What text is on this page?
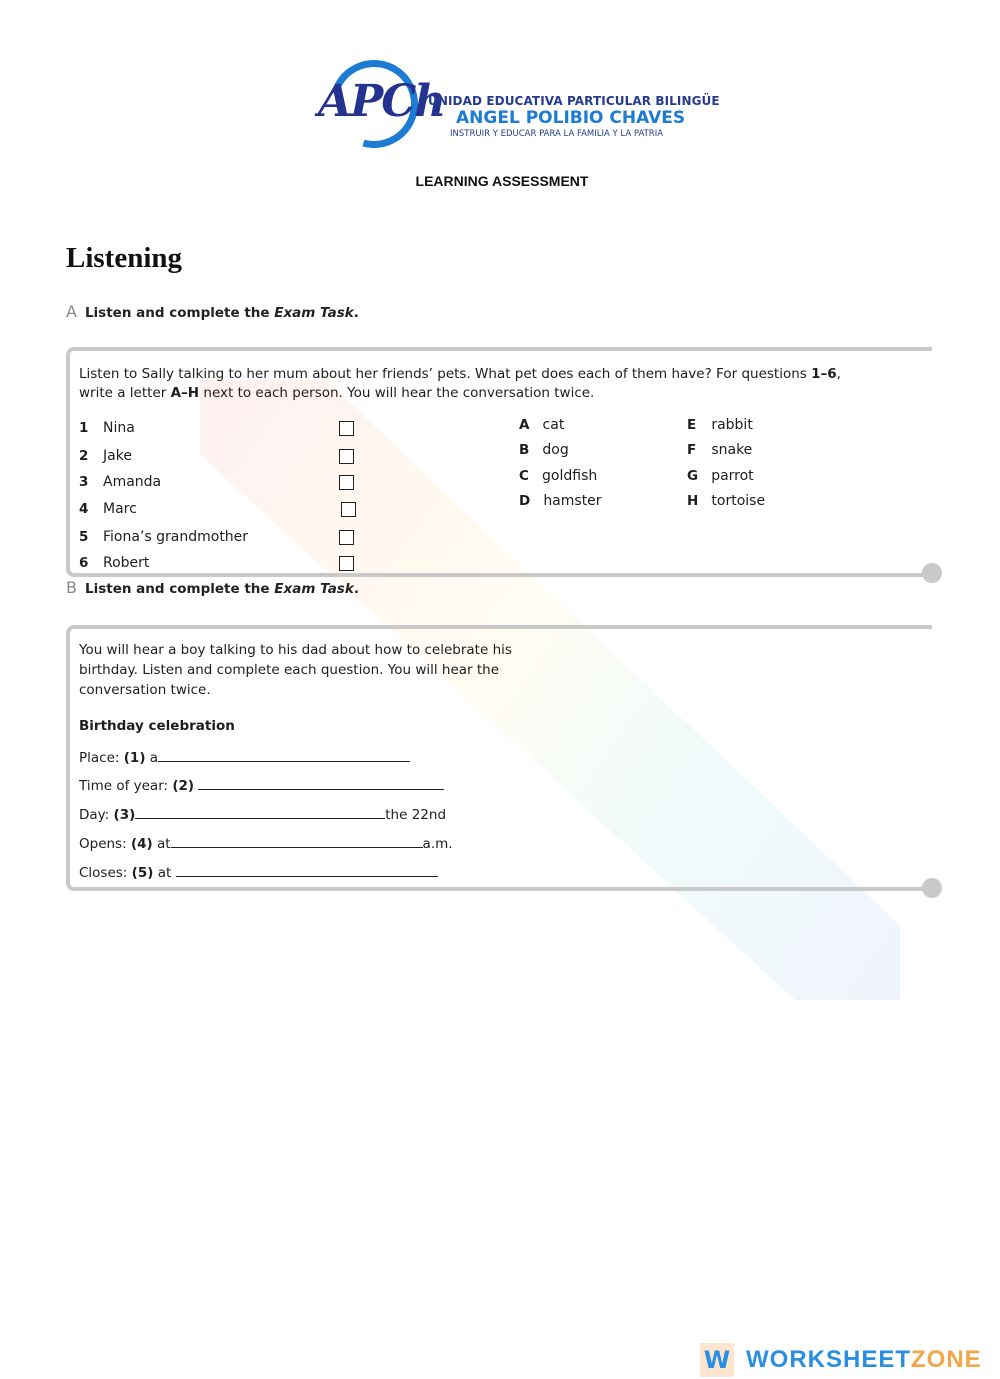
APCh
UNIDAD EDUCATIVA PARTICULAR BILINGÜE
ANGEL POLIBIO CHAVES
INSTRUIR Y EDUCAR PARA LA FAMILIA Y LA PATRIA
LEARNING ASSESSMENT
Listening
A Listen and complete the Exam Task.
Listen to Sally talking to her mum about her friends’ pets. What pet does each of them have? For questions 1–6,
write a letter A–H next to each person. You will hear the conversation twice.
1 Nina
2 Jake
3 Amanda
4 Marc
5 Fiona’s grandmother
6 Robert
A cat
B dog
C goldfish
D hamster
E rabbit
F snake
G parrot
H tortoise
B Listen and complete the Exam Task.
You will hear a boy talking to his dad about how to celebrate his
birthday. Listen and complete each question. You will hear the
conversation twice.
Birthday celebration
Place: (1) a
Time of year: (2)
Day: (3)	the 22nd
Opens: (4) at	a.m.
Closes: (5) at
W WORKSHEETZONE
